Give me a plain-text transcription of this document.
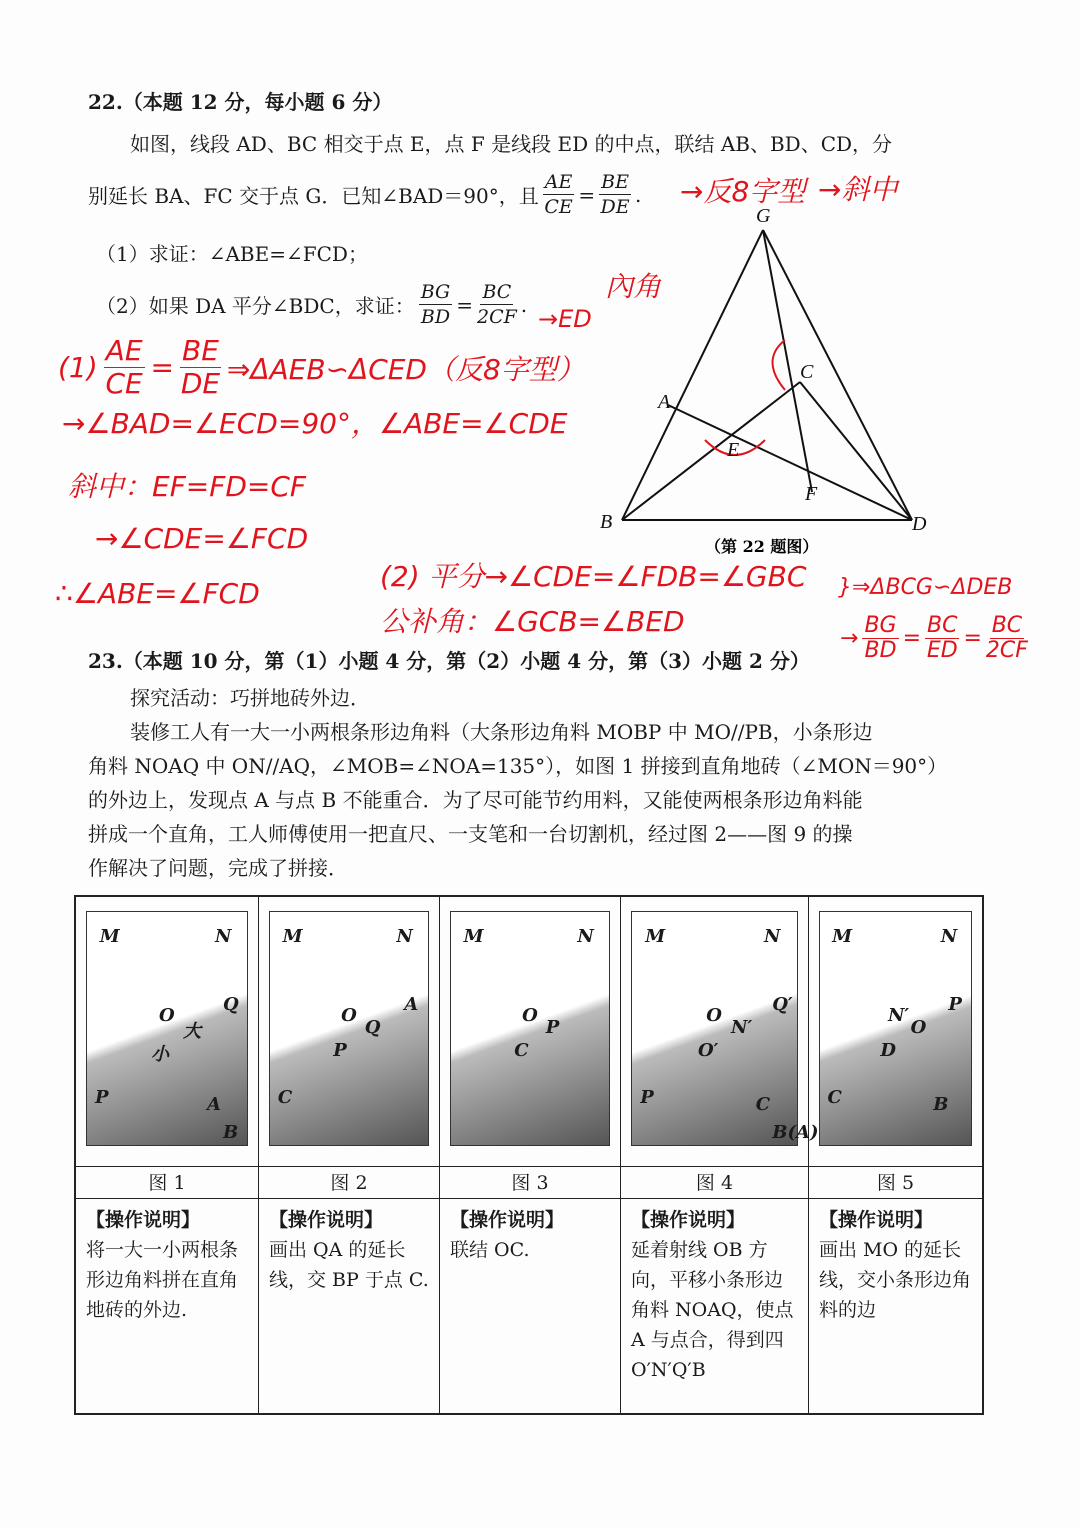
22.（本题 12 分，每小题 6 分）
如图，线段 AD、BC 相交于点 E，点 F 是线段 ED 的中点，联结 AB、BD、CD，分
别延长 BA、FC 交于点 G．已知∠BAD＝90°，且 $\frac{AE}{CE} = \frac{BE}{DE}$ .
（1）求证：∠ABE=∠FCD；
（2）如果 DA 平分∠BDC，求证： $\frac{BG}{BD} = \frac{BC}{2CF}$ .
G
A
C
E
F
B	D
（第 22 题图）
→反8字型 →斜中
內角
→ED
$(1) \frac{AE}{CE} = \frac{BE}{DE}$ ⇒ΔAEB∽ΔCED（反8字型）
→∠BAD=∠ECD=90°，∠ABE=∠CDE
斜中：EF=FD=CF
→∠CDE=∠FCD
∴∠ABE=∠FCD
(2) 平分→∠CDE=∠FDB=∠GBC
公补角：∠GCB=∠BED
}⇒ΔBCG∽ΔDEB
→ $\frac{BG}{BD} = \frac{BC}{ED} = \frac{BC}{2CF}$
23.（本题 10 分，第（1）小题 4 分，第（2）小题 4 分，第（3）小题 2 分）
探究活动：巧拼地砖外边．
装修工人有一大一小两根条形边角料（大条形边角料 MOBP 中 MO//PB，小条形边
角料 NOAQ 中 ON//AQ，∠MOB=∠NOA=135°），如图 1 拼接到直角地砖（∠MON＝90°）
的外边上，发现点 A 与点 B 不能重合．为了尽可能节约用料，又能使两根条形边角料能
拼成一个直角，工人师傅使用一把直尺、一支笔和一台切割机，经过图 2——图 9 的操
作解决了问题，完成了拼接．
M	N
O
大
小
Q
P	A
B
M	N
O
Q
P
A
C
M	N
O
P
C
M	N
O
N′
O′
Q′
P	C
B(A)
M	N
N′
O
D
P
C	B
图 1	图 2	图 3	图 4	图 5
【操作说明】
将一大一小两根条形边角料拼在直角地砖的外边.
【操作说明】
画出 QA 的延长线，交 BP 于点 C.
【操作说明】
联结 OC.
【操作说明】
延着射线 OB 方向，平移小条形边角料 NOAQ，使点 A 与点合，得到四 O′N′Q′B
【操作说明】
画出 MO 的延长线，交小条形边角料的边
